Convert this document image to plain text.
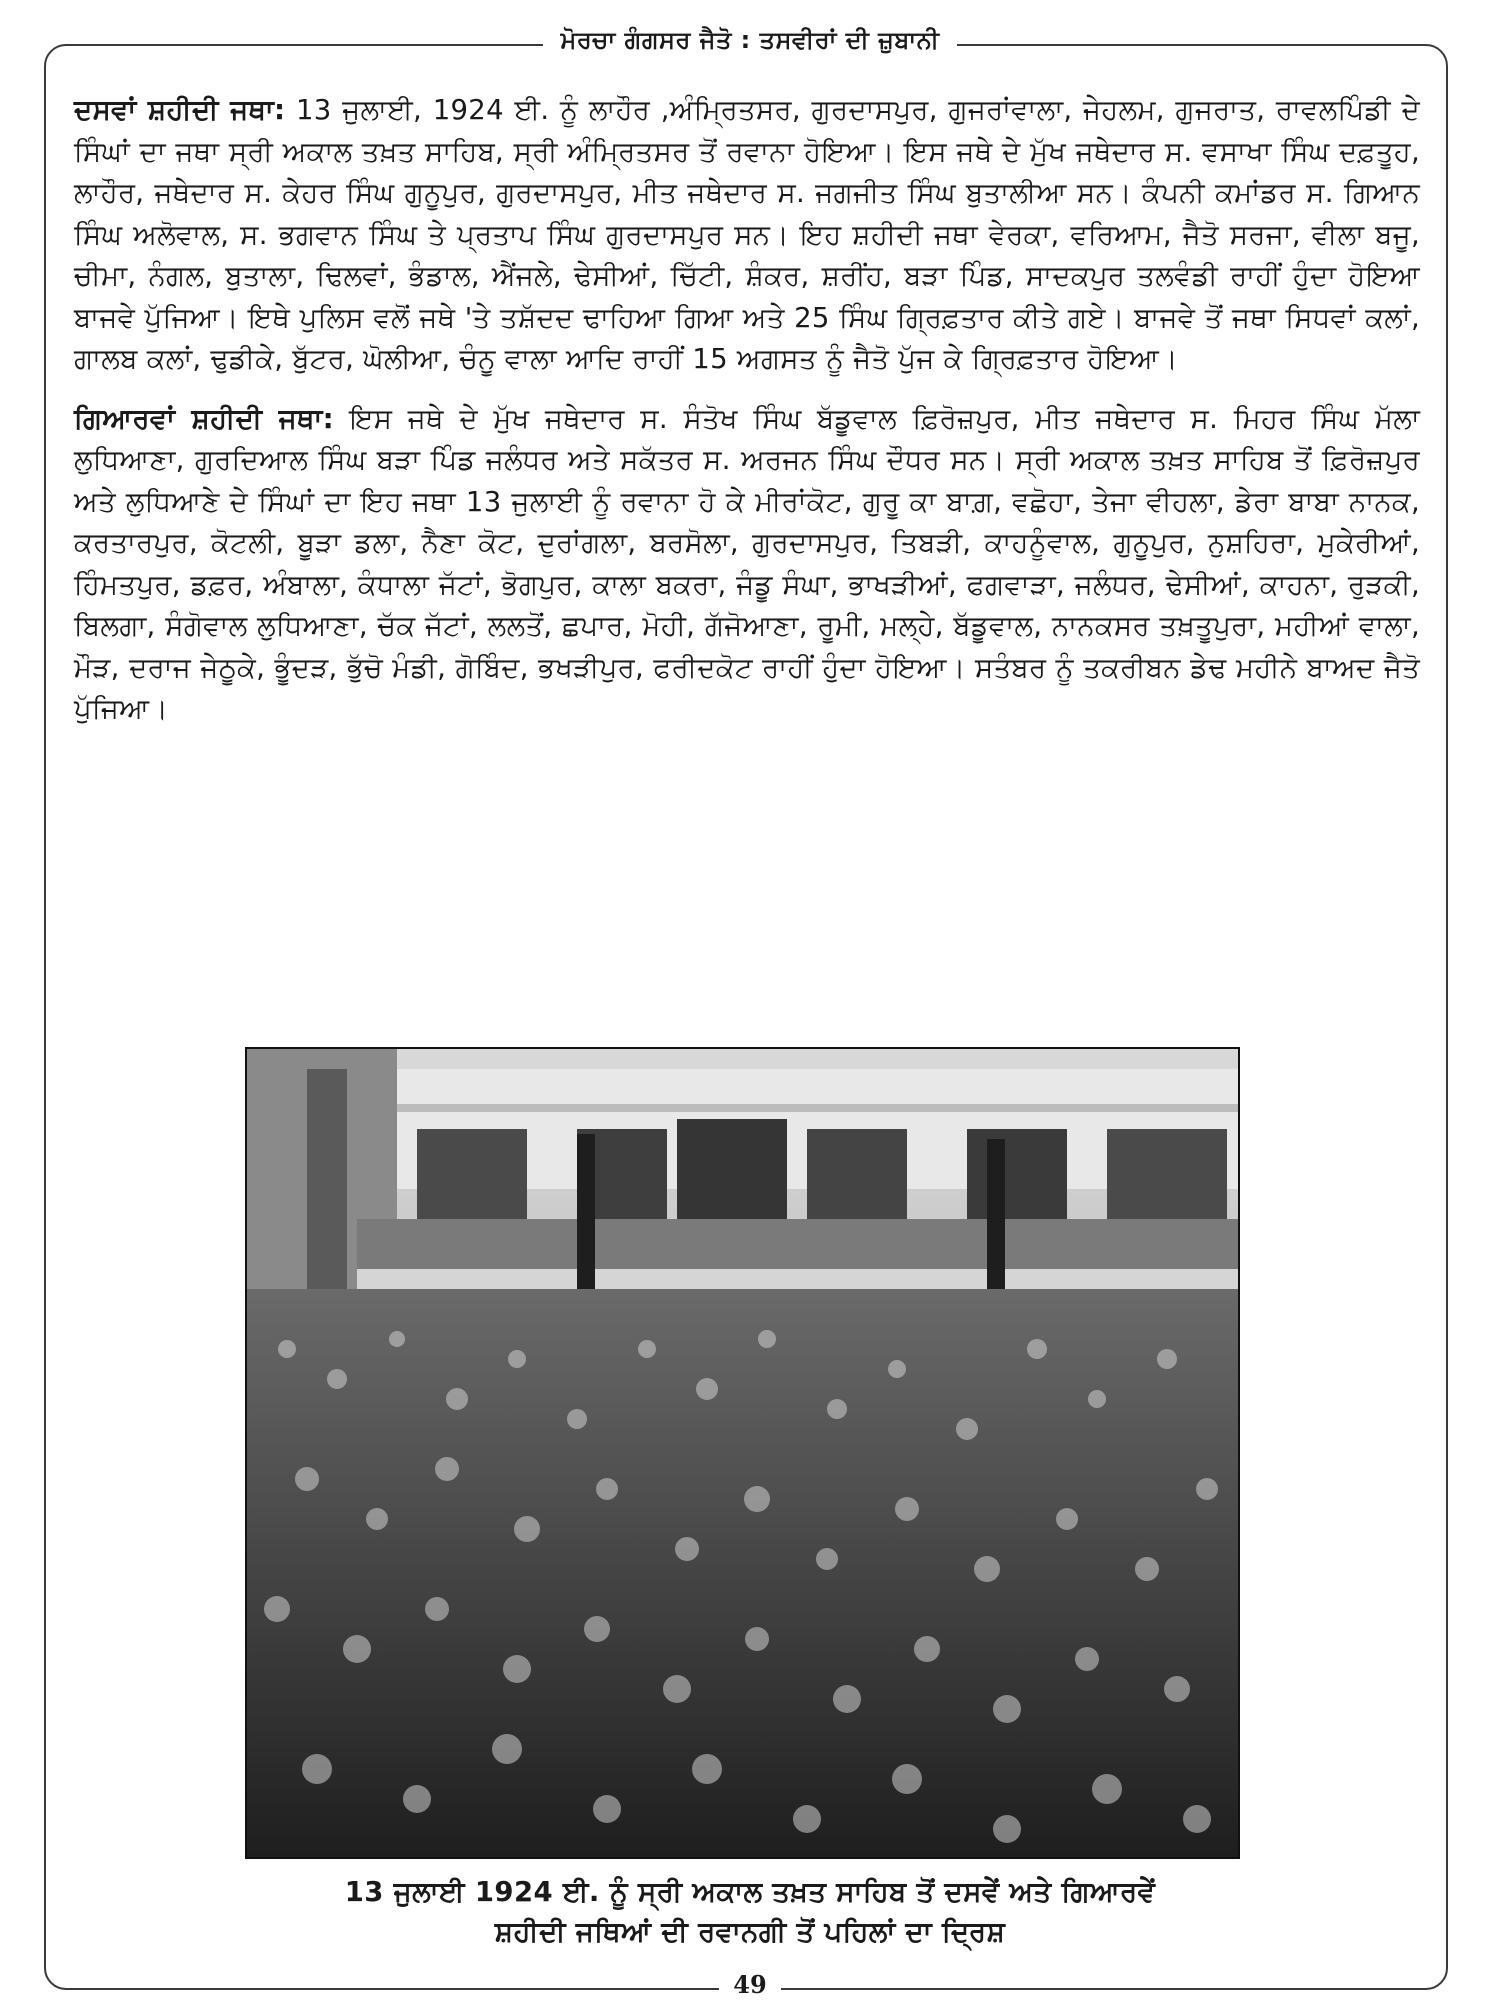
ਮੋਰਚਾ ਗੰਗਸਰ ਜੈਤੋ : ਤਸਵੀਰਾਂ ਦੀ ਜ਼ੁਬਾਨੀ

ਦਸਵਾਂ ਸ਼ਹੀਦੀ ਜਥਾ: 13 ਜੁਲਾਈ, 1924 ਈ. ਨੂੰ ਲਾਹੌਰ ,ਅੰਮ੍ਰਿਤਸਰ, ਗੁਰਦਾਸਪੁਰ, ਗੁਜਰਾਂਵਾਲਾ, ਜੇਹਲਮ, ਗੁਜਰਾਤ, ਰਾਵਲਪਿੰਡੀ ਦੇ ਸਿੰਘਾਂ ਦਾ ਜਥਾ ਸ੍ਰੀ ਅਕਾਲ ਤਖ਼ਤ ਸਾਹਿਬ, ਸ੍ਰੀ ਅੰਮ੍ਰਿਤਸਰ ਤੋਂ ਰਵਾਨਾ ਹੋਇਆ। ਇਸ ਜਥੇ ਦੇ ਮੁੱਖ ਜਥੇਦਾਰ ਸ. ਵਸਾਖਾ ਸਿੰਘ ਦਫ਼ਤੂਹ, ਲਾਹੌਰ, ਜਥੇਦਾਰ ਸ. ਕੇਹਰ ਸਿੰਘ ਗੁਨੂਪੁਰ, ਗੁਰਦਾਸਪੁਰ, ਮੀਤ ਜਥੇਦਾਰ ਸ. ਜਗਜੀਤ ਸਿੰਘ ਬੁਤਾਲੀਆ ਸਨ। ਕੰਪਨੀ ਕਮਾਂਡਰ ਸ. ਗਿਆਨ ਸਿੰਘ ਅਲੋਵਾਲ, ਸ. ਭਗਵਾਨ ਸਿੰਘ ਤੇ ਪ੍ਰਤਾਪ ਸਿੰਘ ਗੁਰਦਾਸਪੁਰ ਸਨ। ਇਹ ਸ਼ਹੀਦੀ ਜਥਾ ਵੇਰਕਾ, ਵਰਿਆਮ, ਜੈਤੋ ਸਰਜਾ, ਵੀਲਾ ਬਜੂ, ਚੀਮਾ, ਨੰਗਲ, ਬੁਤਾਲਾ, ਢਿਲਵਾਂ, ਭੰਡਾਲ, ਐਂਜਲੇ, ਢੇਸੀਆਂ, ਚਿੱਟੀ, ਸ਼ੰਕਰ, ਸ਼ਰੀਂਹ, ਬੜਾ ਪਿੰਡ, ਸਾਦਕਪੁਰ ਤਲਵੰਡੀ ਰਾਹੀਂ ਹੁੰਦਾ ਹੋਇਆ ਬਾਜਵੇ ਪੁੱਜਿਆ। ਇਥੇ ਪੁਲਿਸ ਵਲੋਂ ਜਥੇ 'ਤੇ ਤਸ਼ੱਦਦ ਢਾਹਿਆ ਗਿਆ ਅਤੇ 25 ਸਿੰਘ ਗ੍ਰਿਫ਼ਤਾਰ ਕੀਤੇ ਗਏ। ਬਾਜਵੇ ਤੋਂ ਜਥਾ ਸਿਧਵਾਂ ਕਲਾਂ, ਗਾਲਬ ਕਲਾਂ, ਢੁਡੀਕੇ, ਬੁੱਟਰ, ਘੋਲੀਆ, ਚੰਨੂ ਵਾਲਾ ਆਦਿ ਰਾਹੀਂ 15 ਅਗਸਤ ਨੂੰ ਜੈਤੋ ਪੁੱਜ ਕੇ ਗ੍ਰਿਫ਼ਤਾਰ ਹੋਇਆ।

ਗਿਆਰਵਾਂ ਸ਼ਹੀਦੀ ਜਥਾ: ਇਸ ਜਥੇ ਦੇ ਮੁੱਖ ਜਥੇਦਾਰ ਸ. ਸੰਤੋਖ ਸਿੰਘ ਬੱਡੂਵਾਲ ਫ਼ਿਰੋਜ਼ਪੁਰ, ਮੀਤ ਜਥੇਦਾਰ ਸ. ਮਿਹਰ ਸਿੰਘ ਮੱਲਾ ਲੁਧਿਆਣਾ, ਗੁਰਦਿਆਲ ਸਿੰਘ ਬੜਾ ਪਿੰਡ ਜਲੰਧਰ ਅਤੇ ਸਕੱਤਰ ਸ. ਅਰਜਨ ਸਿੰਘ ਦੌਧਰ ਸਨ। ਸ੍ਰੀ ਅਕਾਲ ਤਖ਼ਤ ਸਾਹਿਬ ਤੋਂ ਫ਼ਿਰੋਜ਼ਪੁਰ ਅਤੇ ਲੁਧਿਆਣੇ ਦੇ ਸਿੰਘਾਂ ਦਾ ਇਹ ਜਥਾ 13 ਜੁਲਾਈ ਨੂੰ ਰਵਾਨਾ ਹੋ ਕੇ ਮੀਰਾਂਕੋਟ, ਗੁਰੂ ਕਾ ਬਾਗ਼, ਵਛੋਹਾ, ਤੇਜਾ ਵੀਹਲਾ, ਡੇਰਾ ਬਾਬਾ ਨਾਨਕ, ਕਰਤਾਰਪੁਰ, ਕੋਟਲੀ, ਬੂੜਾ ਡਲਾ, ਨੈਣਾ ਕੋਟ, ਦੁਰਾਂਗਲਾ, ਬਰਸੋਲਾ, ਗੁਰਦਾਸਪੁਰ, ਤਿਬੜੀ, ਕਾਹਨੂੰਵਾਲ, ਗੁਨੂਪੁਰ, ਨੁਸ਼ਹਿਰਾ, ਮੁਕੇਰੀਆਂ, ਹਿੰਮਤਪੁਰ, ਡਫ਼ਰ, ਅੰਬਾਲਾ, ਕੰਧਾਲਾ ਜੱਟਾਂ, ਭੋਗਪੁਰ, ਕਾਲਾ ਬਕਰਾ, ਜੰਡੂ ਸੰਘਾ, ਭਾਖੜੀਆਂ, ਫਗਵਾੜਾ, ਜਲੰਧਰ, ਢੇਸੀਆਂ, ਕਾਹਨਾ, ਰੁੜਕੀ, ਬਿਲਗਾ, ਸੰਗੋਵਾਲ ਲੁਧਿਆਣਾ, ਚੱਕ ਜੱਟਾਂ, ਲਲਤੋਂ, ਛਪਾਰ, ਮੋਹੀ, ਗੱਜੋਆਣਾ, ਰੂਮੀ, ਮਲ੍ਹੇ, ਬੱਡੂਵਾਲ, ਨਾਨਕਸਰ ਤਖ਼ਤੂਪੁਰਾ, ਮਹੀਆਂ ਵਾਲਾ, ਮੌੜ, ਦਰਾਜ ਜੇਠੂਕੇ, ਭੂੰਦੜ, ਭੁੱਚੋ ਮੰਡੀ, ਗੋਬਿੰਦ, ਭਖੜੀਪੁਰ, ਫਰੀਦਕੋਟ ਰਾਹੀਂ ਹੁੰਦਾ ਹੋਇਆ। ਸਤੰਬਰ ਨੂੰ ਤਕਰੀਬਨ ਡੇਢ ਮਹੀਨੇ ਬਾਅਦ ਜੈਤੋ ਪੁੱਜਿਆ।

13 ਜੁਲਾਈ 1924 ਈ. ਨੂੰ ਸ੍ਰੀ ਅਕਾਲ ਤਖ਼ਤ ਸਾਹਿਬ ਤੋਂ ਦਸਵੇਂ ਅਤੇ ਗਿਆਰਵੇਂ
ਸ਼ਹੀਦੀ ਜਥਿਆਂ ਦੀ ਰਵਾਨਗੀ ਤੋਂ ਪਹਿਲਾਂ ਦਾ ਦ੍ਰਿਸ਼
49
